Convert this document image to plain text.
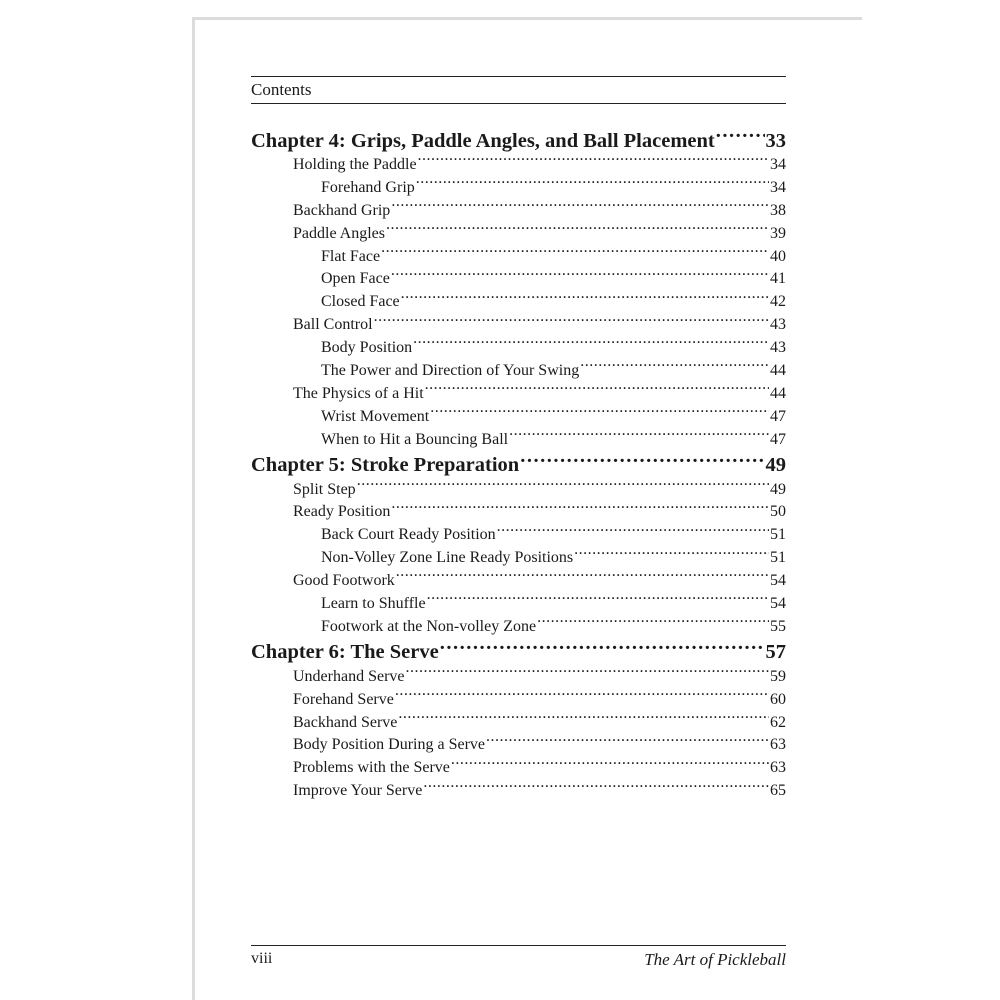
Contents
Chapter 4: Grips, Paddle Angles, and Ball Placement ..... 33
Holding the Paddle .....	34
Forehand Grip .....	34
Backhand Grip .....	38
Paddle Angles .....	39
Flat Face .....	40
Open Face .....	41
Closed Face .....	42
Ball Control .....	43
Body Position .....	43
The Power and Direction of Your Swing .....	44
The Physics of a Hit .....	44
Wrist Movement .....	47
When to Hit a Bouncing Ball .....	47
Chapter 5: Stroke Preparation .....	49
Split Step .....	49
Ready Position .....	50
Back Court Ready Position .....	51
Non-Volley Zone Line Ready Positions .....	51
Good Footwork .....	54
Learn to Shuffle .....	54
Footwork at the Non-volley Zone .....	55
Chapter 6: The Serve .....	57
Underhand Serve .....	59
Forehand Serve .....	60
Backhand Serve .....	62
Body Position During a Serve .....	63
Problems with the Serve .....	63
Improve Your Serve .....	65
viii	The Art of Pickleball
